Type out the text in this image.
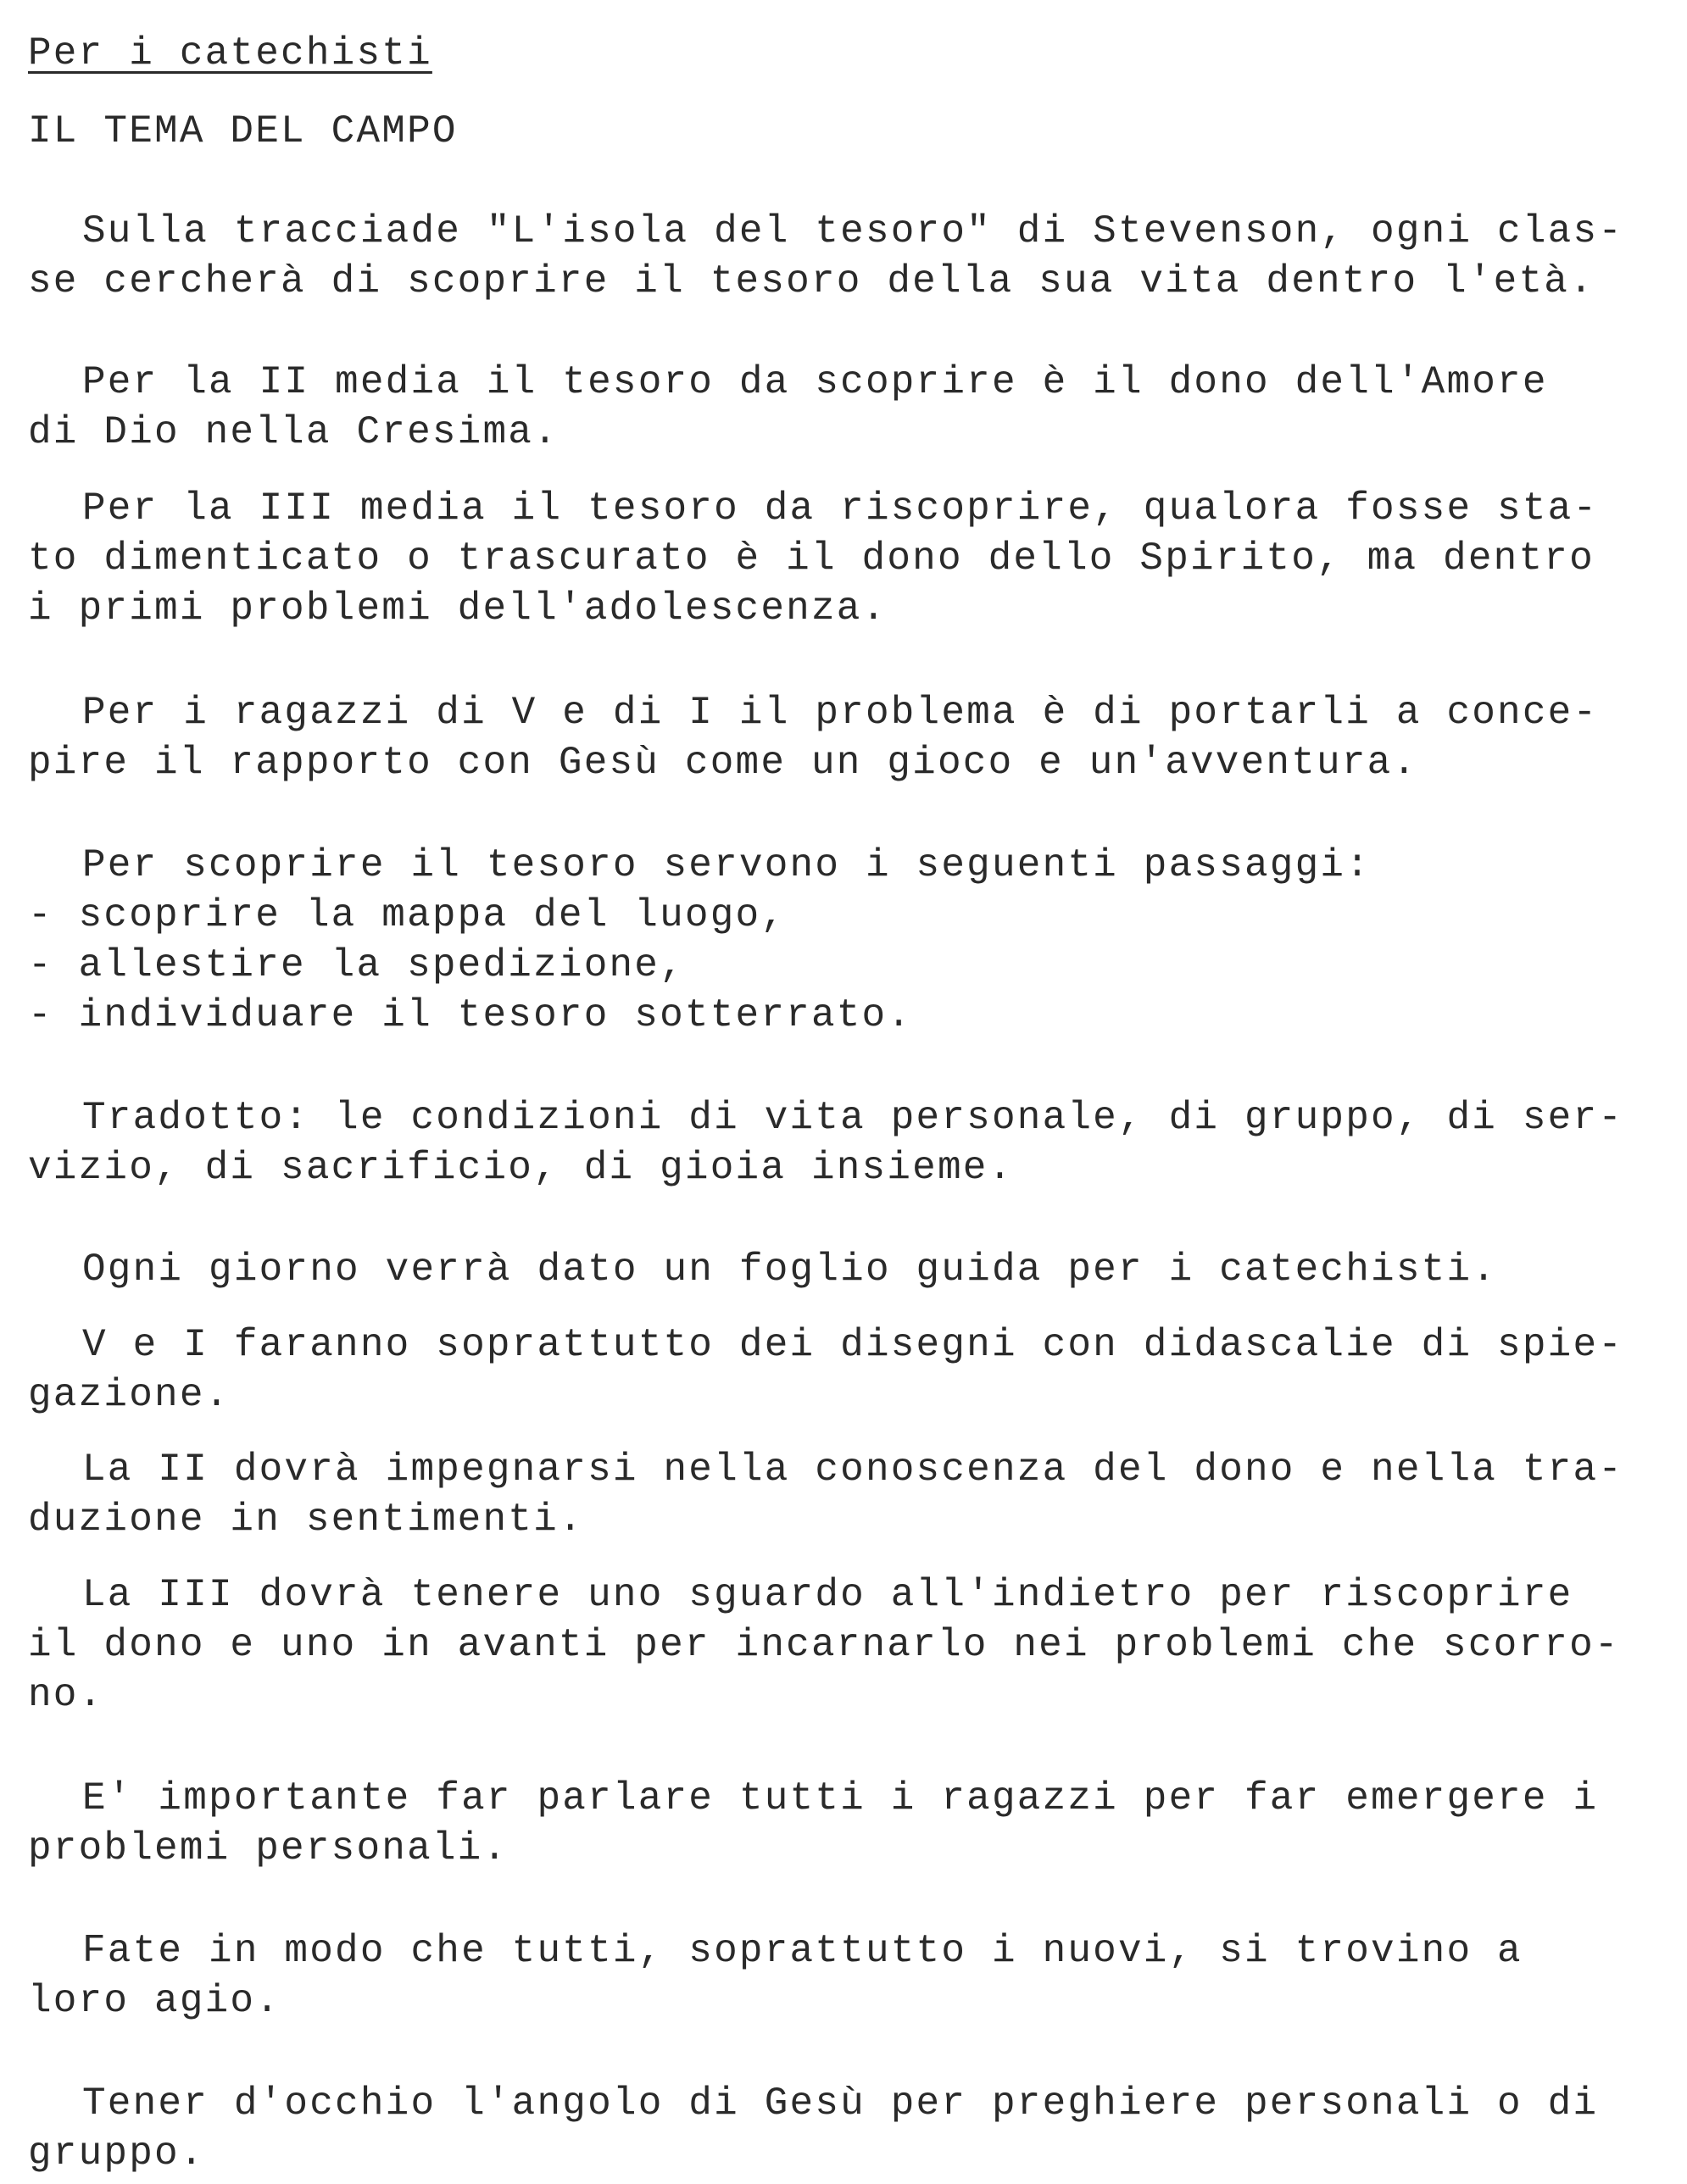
Per i catechisti
IL TEMA DEL CAMPO
Sulla tracciade "L'isola del tesoro" di Stevenson, ogni clas-
se cercherà di scoprire il tesoro della sua vita dentro l'età.
Per la II media il tesoro da scoprire è il dono dell'Amore
di Dio nella Cresima.
Per la III media il tesoro da riscoprire, qualora fosse sta-
to dimenticato o trascurato è il dono dello Spirito, ma dentro
i primi problemi dell'adolescenza.
Per i ragazzi di V e di I il problema è di portarli a conce-
pire il rapporto con Gesù come un gioco e un'avventura.
Per scoprire il tesoro servono i seguenti passaggi:
- scoprire la mappa del luogo,
- allestire la spedizione,
- individuare il tesoro sotterrato.
Tradotto: le condizioni di vita personale, di gruppo, di ser-
vizio, di sacrificio, di gioia insieme.
Ogni giorno verrà dato un foglio guida per i catechisti.
V e I faranno soprattutto dei disegni con didascalie di spie-
gazione.
La II dovrà impegnarsi nella conoscenza del dono e nella tra-
duzione in sentimenti.
La III dovrà tenere uno sguardo all'indietro per riscoprire
il dono e uno in avanti per incarnarlo nei problemi che scorro-
no.
E' importante far parlare tutti i ragazzi per far emergere i
problemi personali.
Fate in modo che tutti, soprattutto i nuovi, si trovino a
loro agio.
Tener d'occhio l'angolo di Gesù per preghiere personali o di
gruppo.
